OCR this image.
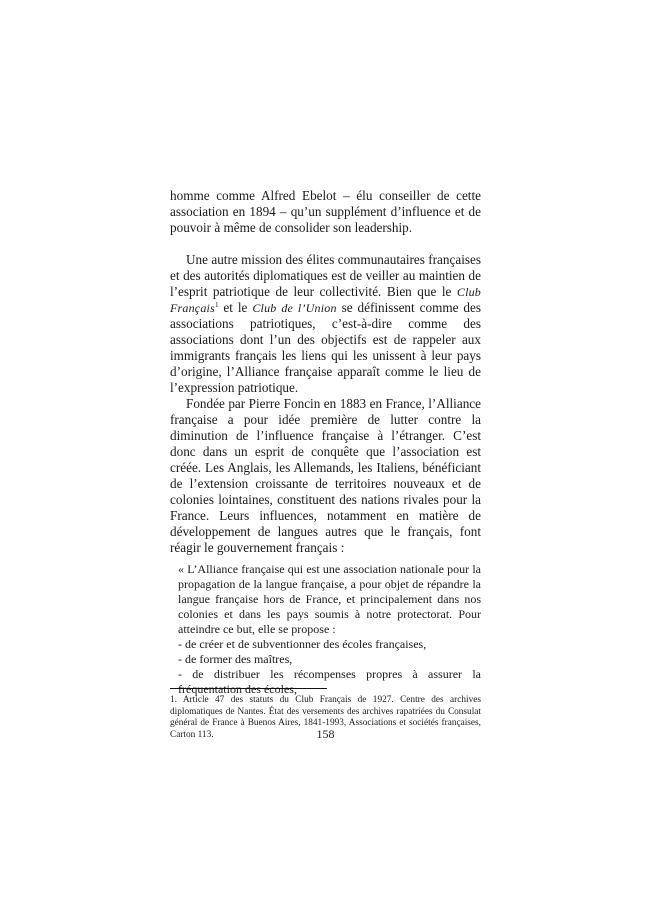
homme comme Alfred Ebelot – élu conseiller de cette association en 1894 – qu’un supplément d’influence et de pouvoir à même de consolider son leadership.

Une autre mission des élites communautaires françaises et des autorités diplomatiques est de veiller au maintien de l’esprit patriotique de leur collectivité. Bien que le Club Français$^1$ et le Club de l’Union se définissent comme des associations patriotiques, c’est-à-dire comme des associations dont l’un des objectifs est de rappeler aux immigrants français les liens qui les unissent à leur pays d’origine, l’Alliance française apparaît comme le lieu de l’expression patriotique.

Fondée par Pierre Foncin en 1883 en France, l’Alliance française a pour idée première de lutter contre la diminution de l’influence française à l’étranger. C’est donc dans un esprit de conquête que l’association est créée. Les Anglais, les Allemands, les Italiens, bénéficiant de l’extension croissante de territoires nouveaux et de colonies lointaines, constituent des nations rivales pour la France. Leurs influences, notamment en matière de développement de langues autres que le français, font réagir le gouvernement français :

« L’Alliance française qui est une association nationale pour la propagation de la langue française, a pour objet de répandre la langue française hors de France, et principalement dans nos colonies et dans les pays soumis à notre protectorat. Pour atteindre ce but, elle se propose :

- de créer et de subventionner des écoles françaises,

- de former des maîtres,

- de distribuer les récompenses propres à assurer la fréquentation des écoles,

1. Article 47 des statuts du Club Français de 1927. Centre des archives diplomatiques de Nantes. État des versements des archives rapatriées du Consulat général de France à Buenos Aires, 1841-1993, Associations et sociétés françaises, Carton 113.	158
